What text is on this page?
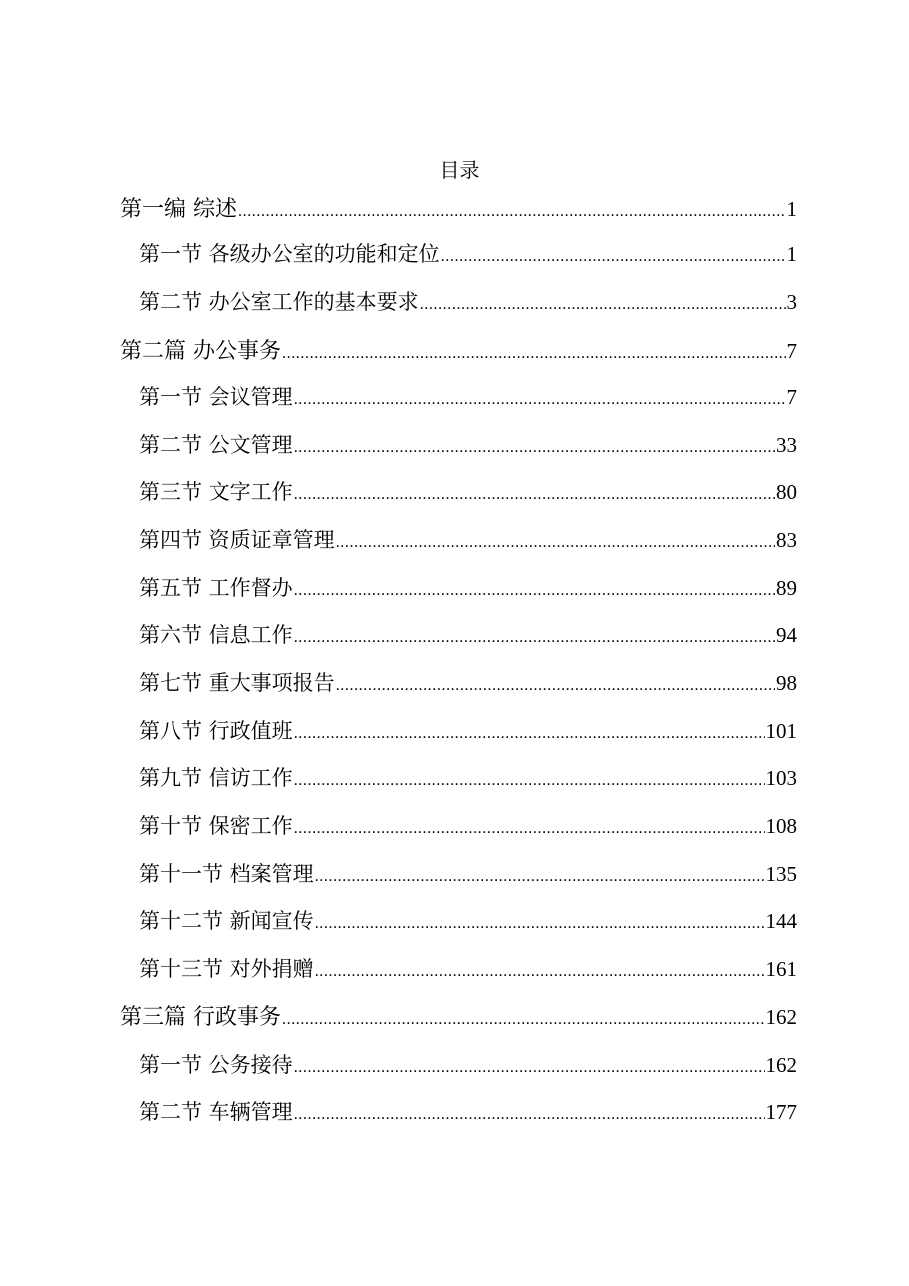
目录
第一编 综述 .....	1
第一节 各级办公室的功能和定位 .....	1
第二节 办公室工作的基本要求 .....	3
第二篇 办公事务 .....	7
第一节 会议管理 .....	7
第二节 公文管理 .....	33
第三节 文字工作 .....	80
第四节 资质证章管理 .....	83
第五节 工作督办 .....	89
第六节 信息工作 .....	94
第七节 重大事项报告 .....	98
第八节 行政值班 .....	101
第九节 信访工作 .....	103
第十节 保密工作 .....	108
第十一节 档案管理 .....	135
第十二节 新闻宣传 .....	144
第十三节 对外捐赠 .....	161
第三篇 行政事务 .....	162
第一节 公务接待 .....	162
第二节 车辆管理 .....	177
